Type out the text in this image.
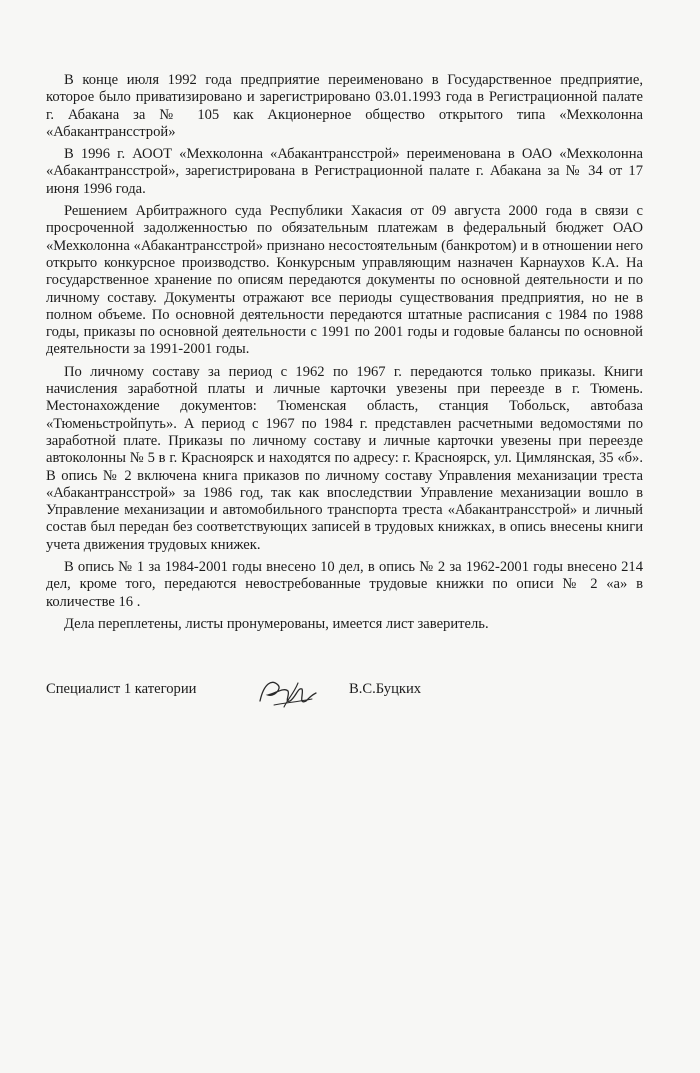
В конце июля 1992 года предприятие переименовано в Государственное предприятие, которое было приватизировано и зарегистрировано 03.01.1993 года в Регистрационной палате г. Абакана за № 105 как Акционерное общество открытого типа «Мехколонна «Абакантрансстрой»

В 1996 г. АООТ «Мехколонна «Абакантрансстрой» переименована в ОАО «Мехколонна «Абакантрансстрой», зарегистрирована в Регистрационной палате г. Абакана за № 34 от 17 июня 1996 года.

Решением Арбитражного суда Республики Хакасия от 09 августа 2000 года в связи с просроченной задолженностью по обязательным платежам в федеральный бюджет ОАО «Мехколонна «Абакантрансстрой» признано несостоятельным (банкротом) и в отношении него открыто конкурсное производство. Конкурсным управляющим назначен Карнаухов К.А. На государственное хранение по описям передаются документы по основной деятельности и по личному составу. Документы отражают все периоды существования предприятия, но не в полном объеме. По основной деятельности передаются штатные расписания с 1984 по 1988 годы, приказы по основной деятельности с 1991 по 2001 годы и годовые балансы по основной деятельности за 1991-2001 годы.

По личному составу за период с 1962 по 1967 г. передаются только приказы. Книги начисления заработной платы и личные карточки увезены при переезде в г. Тюмень. Местонахождение документов: Тюменская область, станция Тобольск, автобаза «Тюменьстройпуть». А период с 1967 по 1984 г. представлен расчетными ведомостями по заработной плате. Приказы по личному составу и личные карточки увезены при переезде автоколонны № 5 в г. Красноярск и находятся по адресу: г. Красноярск, ул. Цимлянская, 35 «б». В опись № 2 включена книга приказов по личному составу Управления механизации треста «Абакантрансстрой» за 1986 год, так как впоследствии Управление механизации вошло в Управление механизации и автомобильного транспорта треста «Абакантрансстрой» и личный состав был передан без соответствующих записей в трудовых книжках, в опись внесены книги учета движения трудовых книжек.

В опись № 1 за 1984-2001 годы внесено 10 дел, в опись № 2 за 1962-2001 годы внесено 214 дел, кроме того, передаются невостребованные трудовые книжки по описи № 2 «а» в количестве 16 .

Дела переплетены, листы пронумерованы, имеется лист заверитель.

Специалист 1 категории	В.С.Буцких
